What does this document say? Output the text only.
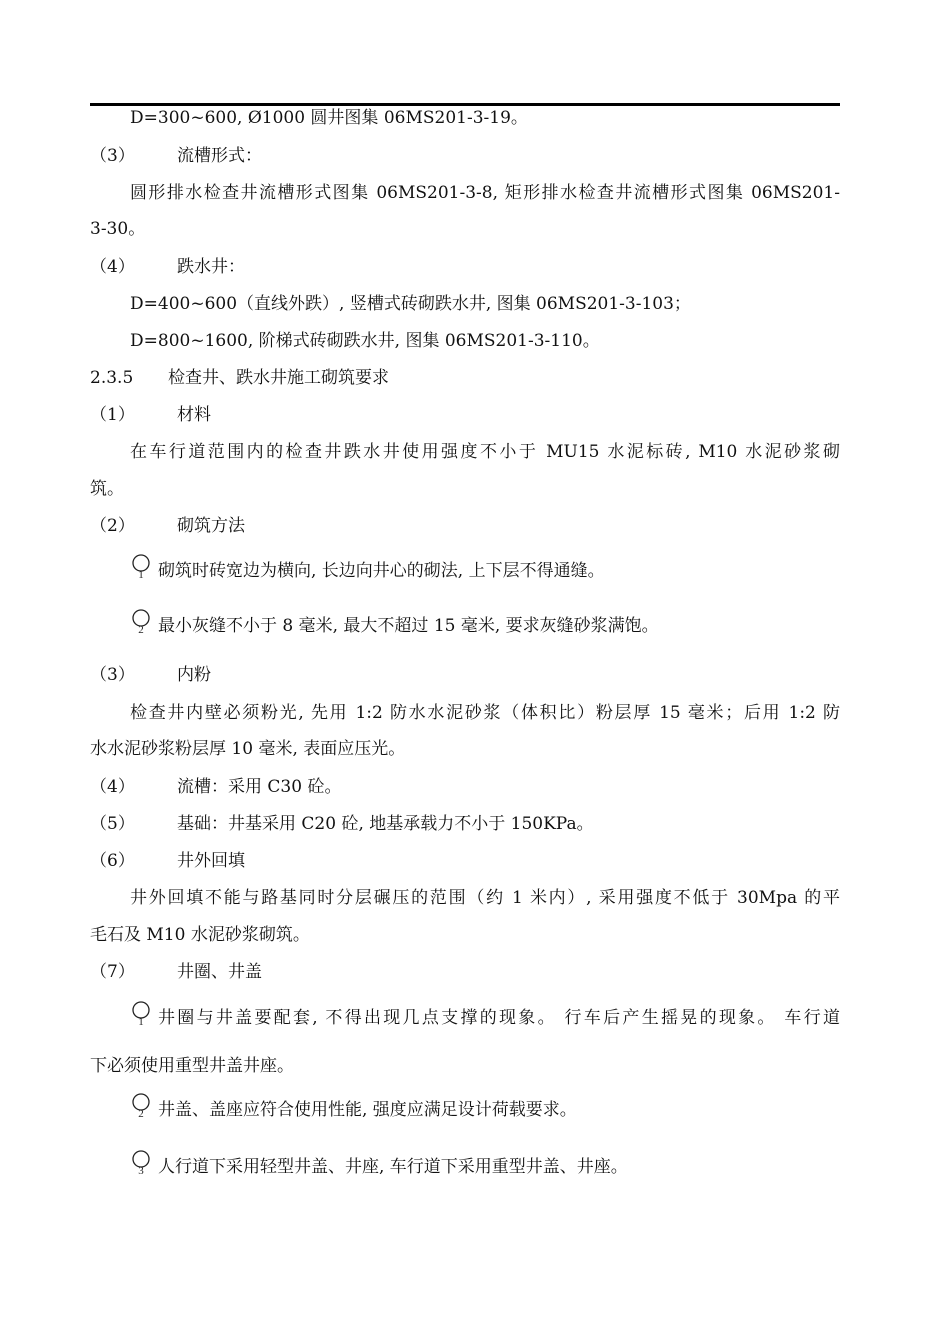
D=300~600, Ø1000 圆井图集 06MS201-3-19。
（3） 流槽形式：
圆形排水检查井流槽形式图集 06MS201-3-8, 矩形排水检查井流槽形式图集 06MS201-
3-30。
（4） 跌水井：
D=400~600（直线外跌）, 竖槽式砖砌跌水井, 图集 06MS201-3-103；
D=800~1600, 阶梯式砖砌跌水井, 图集 06MS201-3-110。
2.3.5 检查井、跌水井施工砌筑要求
（1） 材料
在车行道范围内的检查井跌水井使用强度不小于 MU15 水泥标砖, M10 水泥砂浆砌
筑。
（2） 砌筑方法
1 砌筑时砖宽边为横向, 长边向井心的砌法, 上下层不得通缝。
2 最小灰缝不小于 8 毫米, 最大不超过 15 毫米, 要求灰缝砂浆满饱。
（3） 内粉
检查井内壁必须粉光, 先用 1:2 防水水泥砂浆（体积比）粉层厚 15 毫米；后用 1:2 防
水水泥砂浆粉层厚 10 毫米, 表面应压光。
（4） 流槽：采用 C30 砼。
（5） 基础：井基采用 C20 砼, 地基承载力不小于 150KPa。
（6） 井外回填
井外回填不能与路基同时分层碾压的范围（约 1 米内）, 采用强度不低于 30Mpa 的平
毛石及 M10 水泥砂浆砌筑。
（7） 井圈、井盖
1 井圈与井盖要配套, 不得出现几点支撑的现象。 行车后产生摇晃的现象。 车行道
下必须使用重型井盖井座。
2 井盖、盖座应符合使用性能, 强度应满足设计荷载要求。
3 人行道下采用轻型井盖、井座, 车行道下采用重型井盖、井座。
